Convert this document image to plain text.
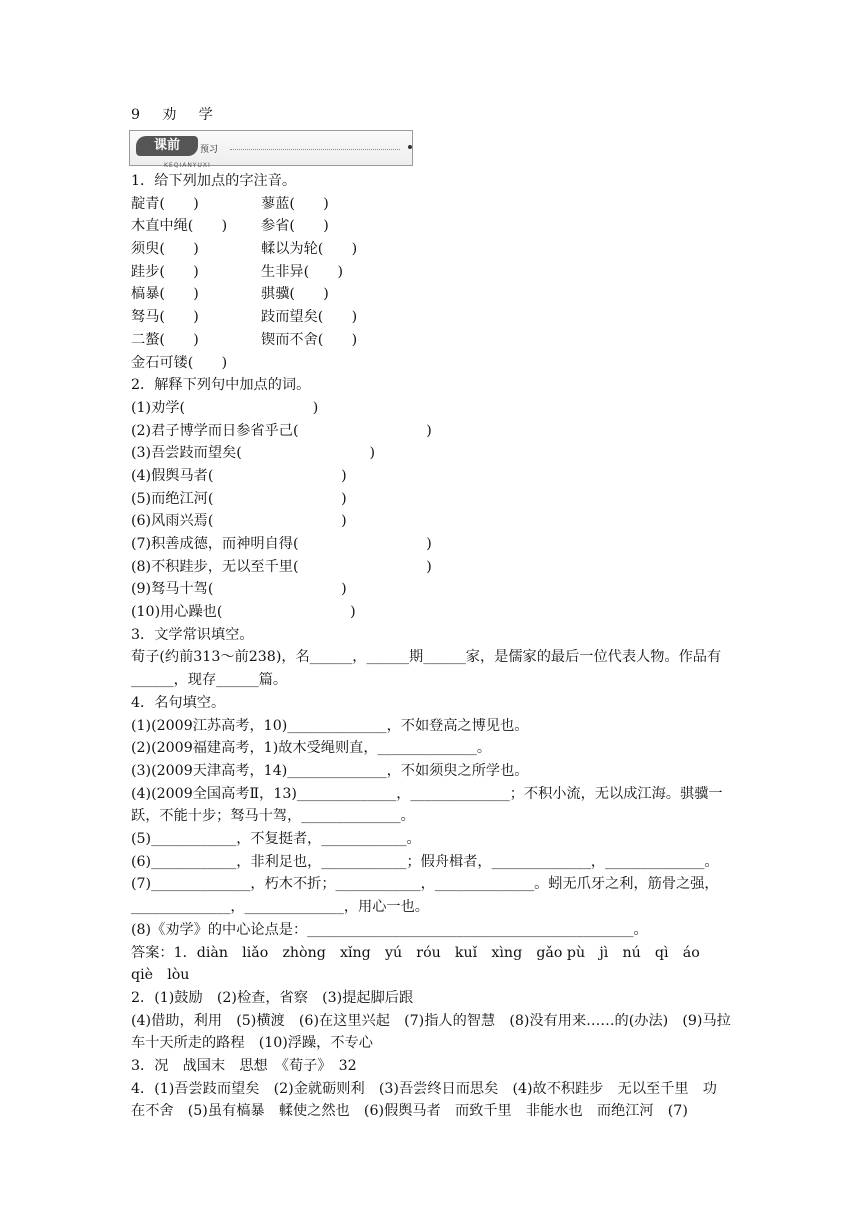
9　劝　学
课前	预习
KEQIANYUXI
1．给下列加点的字注音。
靛青(　　)	蓼蓝(　　)
木直中绳(　　) 参省(　　)
须臾(　　)	輮以为轮(　　)
跬步(　　)	生非异(　　)
槁暴(　　)	骐骥(　　)
驽马(　　)	跂而望矣(　　)
二螯(　　)	锲而不舍(　　)
金石可镂(　　)
2．解释下列句中加点的词。
(1)劝学(　　　　　　　　　)
(2)君子博学而日参省乎己(　　　　　　　　　)
(3)吾尝跂而望矣(　　　　　　　　　)
(4)假舆马者(　　　　　　　　　)
(5)而绝江河(　　　　　　　　　)
(6)风雨兴焉(　　　　　　　　　)
(7)积善成德，而神明自得(　　　　　　　　　)
(8)不积跬步，无以至千里(　　　　　　　　　)
(9)驽马十驾(　　　　　　　　　)
(10)用心躁也(　　　　　　　　　)
3．文学常识填空。
荀子(约前313～前238)，名______，______期______家，是儒家的最后一位代表人物。作品有______，现存______篇。
4．名句填空。
(1)(2009江苏高考，10)______________，不如登高之博见也。
(2)(2009福建高考，1)故木受绳则直，______________。
(3)(2009天津高考，14)______________，不如须臾之所学也。
(4)(2009全国高考Ⅱ，13)______________，______________；不积小流，无以成江海。骐骥一跃，不能十步；驽马十驾，______________。
(5)____________，不复挺者，____________。
(6)____________，非利足也，____________；假舟楫者，______________，______________。
(7)______________，朽木不折；____________，______________。蚓无爪牙之利，筋骨之强，______________，______________，用心一也。
(8)《劝学》的中心论点是：______________________________________________。
答案：1．diàn　liǎo　zhòng　xǐng　yú　róu　kuǐ　xìng　gǎo pù　jì　nú　qì　áo　qiè　lòu
2．(1)鼓励　(2)检查，省察　(3)提起脚后跟
(4)借助，利用　(5)横渡　(6)在这里兴起　(7)指人的智慧　(8)没有用来……的(办法)　(9)马拉车十天所走的路程　(10)浮躁，不专心
3．况　战国末　思想　《荀子》　32
4．(1)吾尝跂而望矣　(2)金就砺则利　(3)吾尝终日而思矣　(4)故不积跬步　无以至千里　功在不舍　(5)虽有槁暴　輮使之然也　(6)假舆马者　而致千里　非能水也　而绝江河　(7)
